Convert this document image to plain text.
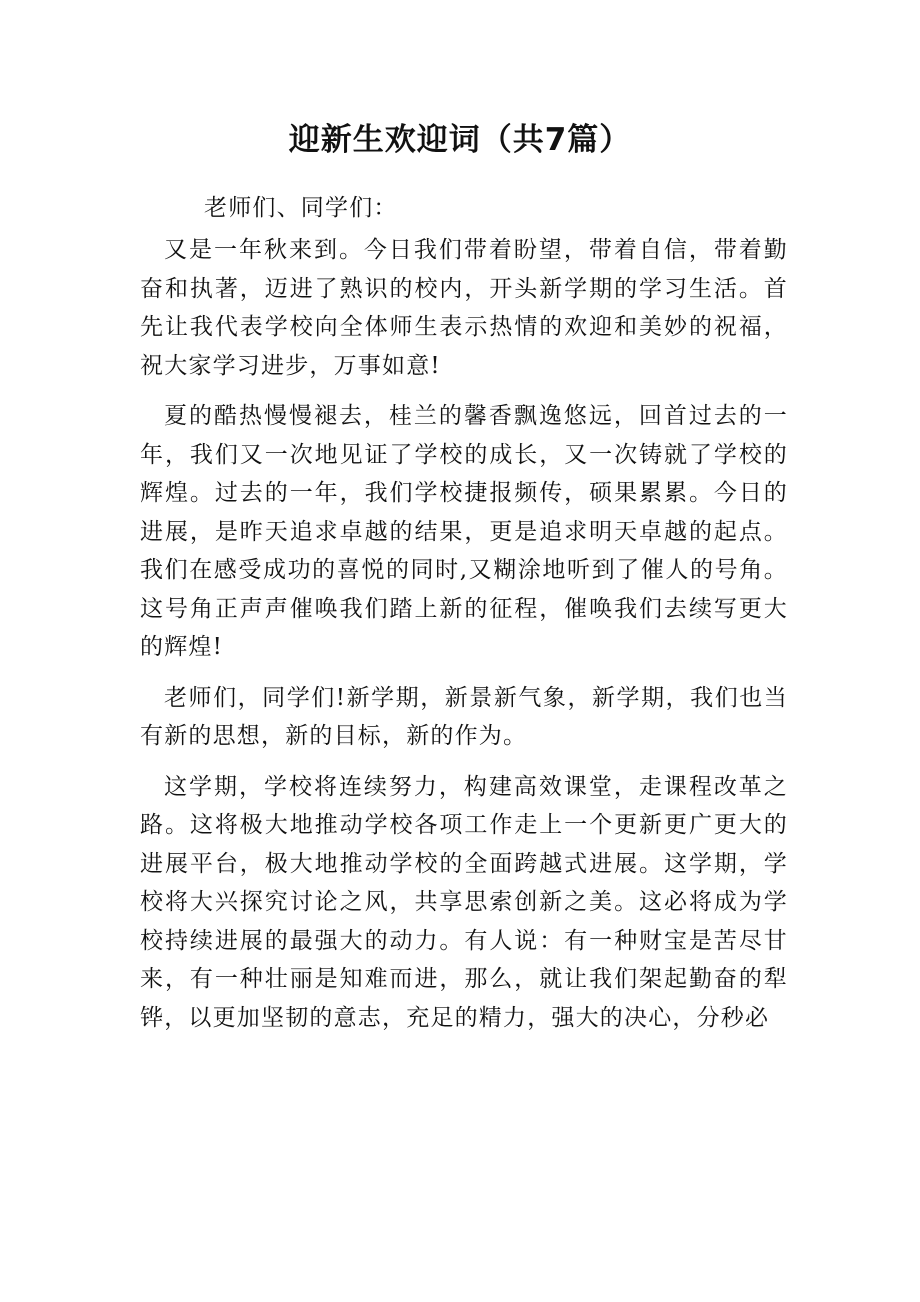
迎新生欢迎词（共7篇）

老师们、同学们：

又是一年秋来到。今日我们带着盼望，带着自信，带着勤奋和执著，迈进了熟识的校内，开头新学期的学习生活。首先让我代表学校向全体师生表示热情的欢迎和美妙的祝福，祝大家学习进步，万事如意!

夏的酷热慢慢褪去，桂兰的馨香飘逸悠远，回首过去的一年，我们又一次地见证了学校的成长，又一次铸就了学校的辉煌。过去的一年，我们学校捷报频传，硕果累累。今日的进展，是昨天追求卓越的结果，更是追求明天卓越的起点。我们在感受成功的喜悦的同时,又糊涂地听到了催人的号角。这号角正声声催唤我们踏上新的征程，催唤我们去续写更大的辉煌!

老师们，同学们!新学期，新景新气象，新学期，我们也当有新的思想，新的目标，新的作为。

这学期，学校将连续努力，构建高效课堂，走课程改革之路。这将极大地推动学校各项工作走上一个更新更广更大的进展平台，极大地推动学校的全面跨越式进展。这学期，学校将大兴探究讨论之风，共享思索创新之美。这必将成为学校持续进展的最强大的动力。有人说：有一种财宝是苦尽甘来，有一种壮丽是知难而进，那么，就让我们架起勤奋的犁铧，以更加坚韧的意志，充足的精力，强大的决心，分秒必
